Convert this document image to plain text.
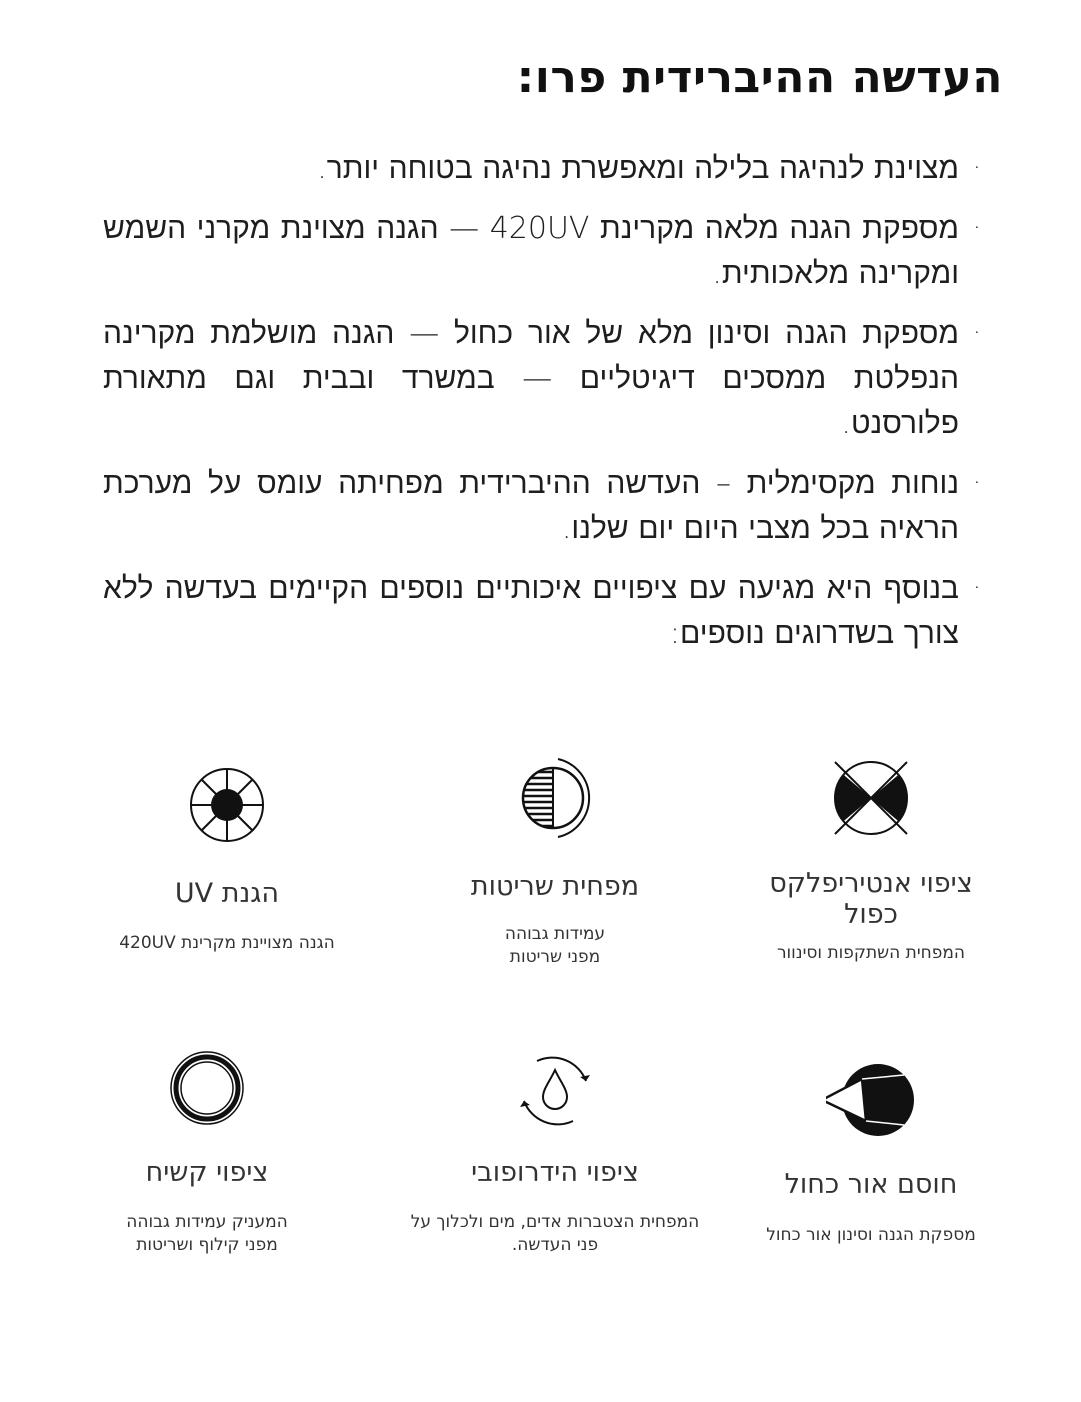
העדשה ההיברידית פרו:
·
מצוינת לנהיגה בלילה ומאפשרת נהיגה בטוחה יותר.
·
מספקת הגנה מלאה מקרינת 420UV — הגנה מצוינת מקרני השמש ומקרינה מלאכותית.
·
מספקת הגנה וסינון מלא של אור כחול — הגנה מושלמת מקרינה הנפלטת ממסכים דיגיטליים — במשרד ובבית וגם מתאורת פלורסנט.
·
נוחות מקסימלית – העדשה ההיברידית מפחיתה עומס על מערכת הראיה בכל מצבי היום יום שלנו.
·
בנוסף היא מגיעה עם ציפויים איכותיים נוספים הקיימים בעדשה ללא צורך בשדרוגים נוספים:
ציפוי אנטיריפלקס כפול
המפחית השתקפות וסינוור
מפחית שריטות
עמידות גבוהה מפני שריטות
הגנת UV
הגנה מצויינת מקרינת 420UV
חוסם אור כחול
מספקת הגנה וסינון אור כחול
ציפוי הידרופובי
המפחית הצטברות אדים, מים ולכלוך על פני העדשה.
ציפוי קשיח
המעניק עמידות גבוהה מפני קילוף ושריטות
